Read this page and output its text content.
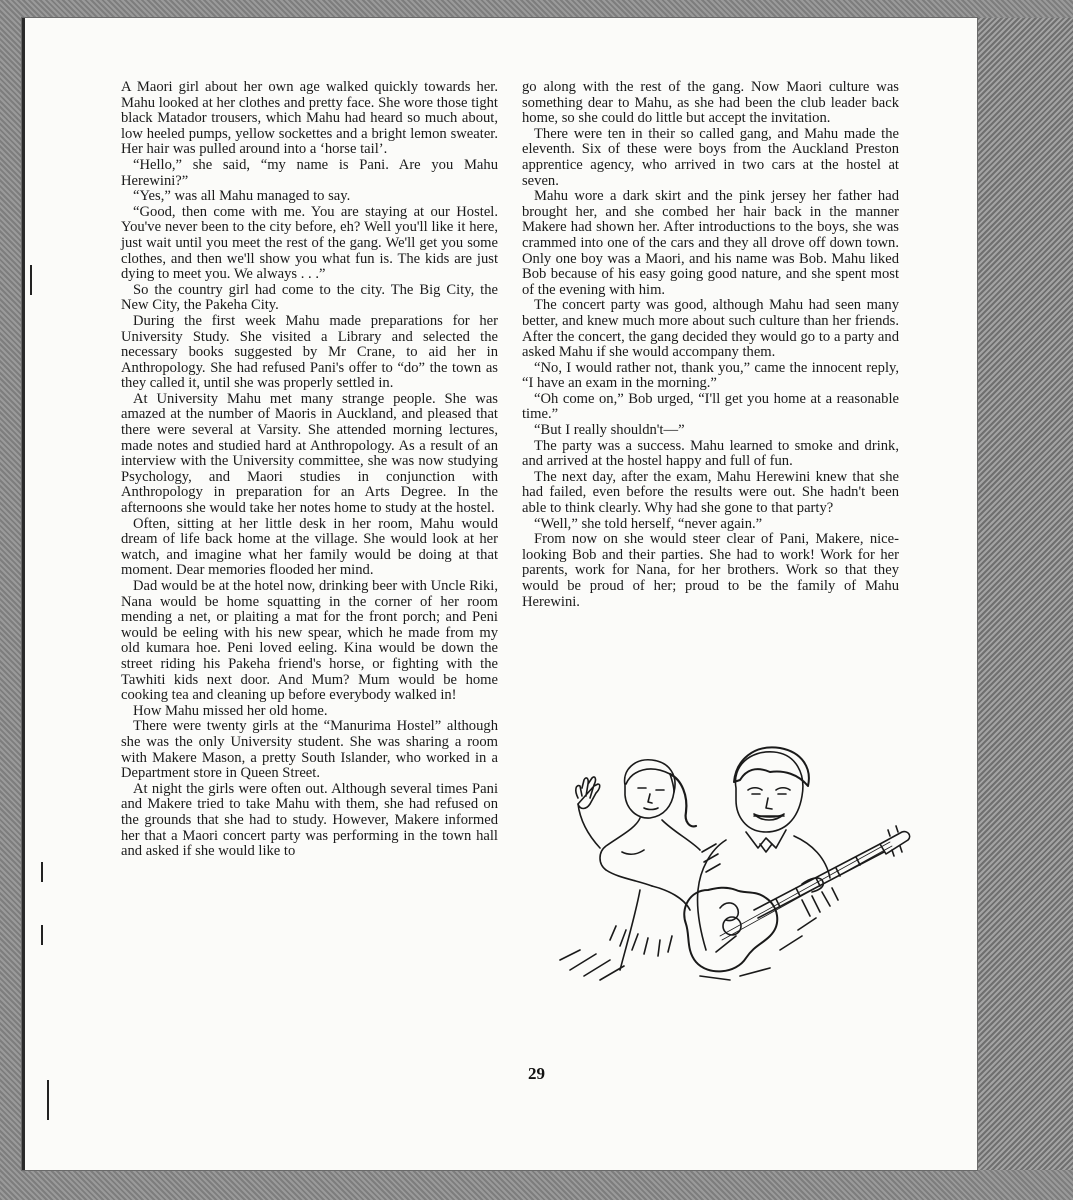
A Maori girl about her own age walked quickly towards her. Mahu looked at her clothes and pretty face. She wore those tight black Matador trousers, which Mahu had heard so much about, low heeled pumps, yellow sockettes and a bright lemon sweater. Her hair was pulled around into a ‘horse tail’.

“Hello,” she said, “my name is Pani. Are you Mahu Herewini?”

“Yes,” was all Mahu managed to say.

“Good, then come with me. You are staying at our Hostel. You've never been to the city before, eh? Well you'll like it here, just wait until you meet the rest of the gang. We'll get you some clothes, and then we'll show you what fun is. The kids are just dying to meet you. We always . . .”

So the country girl had come to the city. The Big City, the New City, the Pakeha City.

During the first week Mahu made preparations for her University Study. She visited a Library and selected the necessary books suggested by Mr Crane, to aid her in Anthropology. She had refused Pani's offer to “do” the town as they called it, until she was properly settled in.

At University Mahu met many strange people. She was amazed at the number of Maoris in Auckland, and pleased that there were several at Varsity. She attended morning lectures, made notes and studied hard at Anthropology. As a result of an interview with the University committee, she was now studying Psychology, and Maori studies in conjunction with Anthropology in preparation for an Arts Degree. In the afternoons she would take her notes home to study at the hostel.

Often, sitting at her little desk in her room, Mahu would dream of life back home at the village. She would look at her watch, and imagine what her family would be doing at that moment. Dear memories flooded her mind.

Dad would be at the hotel now, drinking beer with Uncle Riki, Nana would be home squatting in the corner of her room mending a net, or plaiting a mat for the front porch; and Peni would be eeling with his new spear, which he made from my old kumara hoe. Peni loved eeling. Kina would be down the street riding his Pakeha friend's horse, or fighting with the Tawhiti kids next door. And Mum? Mum would be home cooking tea and cleaning up before everybody walked in!

How Mahu missed her old home.

There were twenty girls at the “Manurima Hostel” although she was the only University student. She was sharing a room with Makere Mason, a pretty South Islander, who worked in a Department store in Queen Street.

At night the girls were often out. Although several times Pani and Makere tried to take Mahu with them, she had refused on the grounds that she had to study. However, Makere informed her that a Maori concert party was performing in the town hall and asked if she would like to

go along with the rest of the gang. Now Maori culture was something dear to Mahu, as she had been the club leader back home, so she could do little but accept the invitation.

There were ten in their so called gang, and Mahu made the eleventh. Six of these were boys from the Auckland Preston apprentice agency, who arrived in two cars at the hostel at seven.

Mahu wore a dark skirt and the pink jersey her father had brought her, and she combed her hair back in the manner Makere had shown her. After introductions to the boys, she was crammed into one of the cars and they all drove off down town. Only one boy was a Maori, and his name was Bob. Mahu liked Bob because of his easy going good nature, and she spent most of the evening with him.

The concert party was good, although Mahu had seen many better, and knew much more about such culture than her friends. After the concert, the gang decided they would go to a party and asked Mahu if she would accompany them.

“No, I would rather not, thank you,” came the innocent reply, “I have an exam in the morning.”

“Oh come on,” Bob urged, “I'll get you home at a reasonable time.”

“But I really shouldn't—”

The party was a success. Mahu learned to smoke and drink, and arrived at the hostel happy and full of fun.

The next day, after the exam, Mahu Herewini knew that she had failed, even before the results were out. She hadn't been able to think clearly. Why had she gone to that party?

“Well,” she told herself, “never again.”

From now on she would steer clear of Pani, Makere, nice-looking Bob and their parties. She had to work! Work for her parents, work for Nana, for her brothers. Work so that they would be proud of her; proud to be the family of Mahu Herewini.

29
